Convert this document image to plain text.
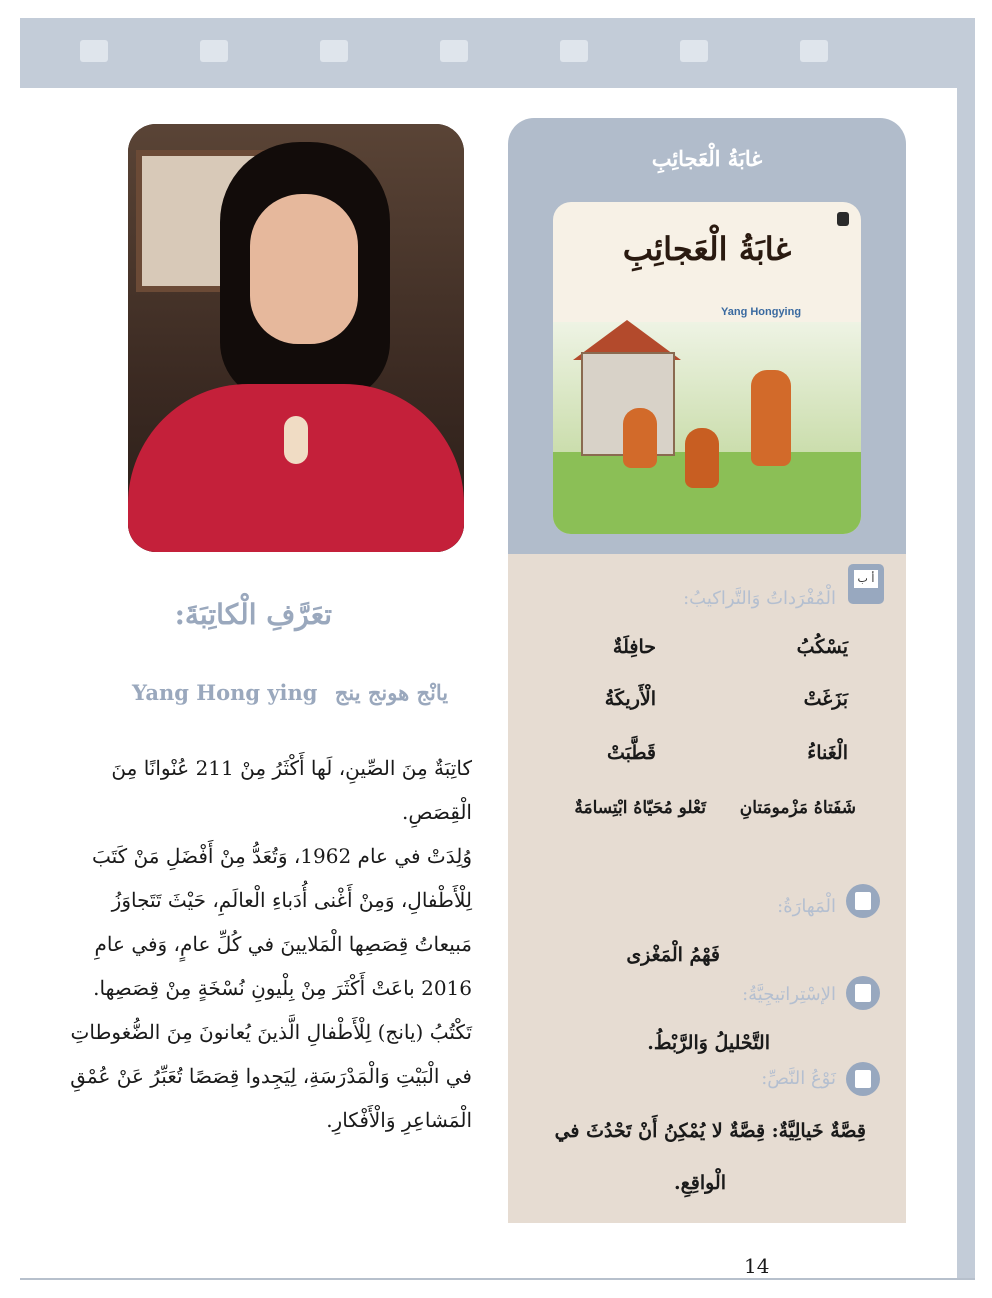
غابَةُ الْعَجائِبِ
غابَةُ الْعَجائِبِ
Yang Hongying
أ ب
الْمُفْرَداتُ وَالتَّراكيبُ:
يَسْكُبُ
حافِلَةٌ
بَزَغَتْ
الْأَريكَةُ
الْغَناءُ
قَطَّبَتْ
شَفَتاهُ مَزْمومَتانِ
تَعْلو مُحَيّاهُ ابْتِسامَةٌ
الْمَهارَةُ:
فَهْمُ الْمَغْزى
الإسْتِراتيجِيَّةُ:
التَّحْليلُ وَالرَّبْطُ.
نَوْعُ النَّصِّ:
قِصَّةٌ خَيالِيَّةٌ: قِصَّةٌ لا يُمْكِنُ أَنْ تَحْدُثَ في
الْواقِعِ.
تعَرَّفِ الْكاتِبَةَ:
Yang Hong ying يانْج هونج ينج
كاتِبَةٌ مِنَ الصِّينِ، لَها أَكْثَرُ مِنْ 211 عُنْوانًا مِنَ
الْقِصَصِ.
وُلِدَتْ في عام 1962، وَتُعَدُّ مِنْ أَفْضَلِ مَنْ كَتَبَ
لِلْأَطْفالِ، وَمِنْ أَغْنى أُدَباءِ الْعالَمِ، حَيْثَ تَتَجاوَزُ
مَبيعاتُ قِصَصِها الْمَلايينَ في كُلِّ عامٍ، وَفي عامِ
2016 باعَتْ أَكْثَرَ مِنْ بِلْيونِ نُسْخَةٍ مِنْ قِصَصِها.
تَكْتُبُ (يانج) لِلْأَطْفالِ الَّذينَ يُعانونَ مِنَ الضُّغوطاتِ
في الْبَيْتِ وَالْمَدْرَسَةِ، لِيَجِدوا قِصَصًا تُعَبِّرُ عَنْ عُمْقِ
الْمَشاعِرِ وَالْأَفْكارِ.
14
